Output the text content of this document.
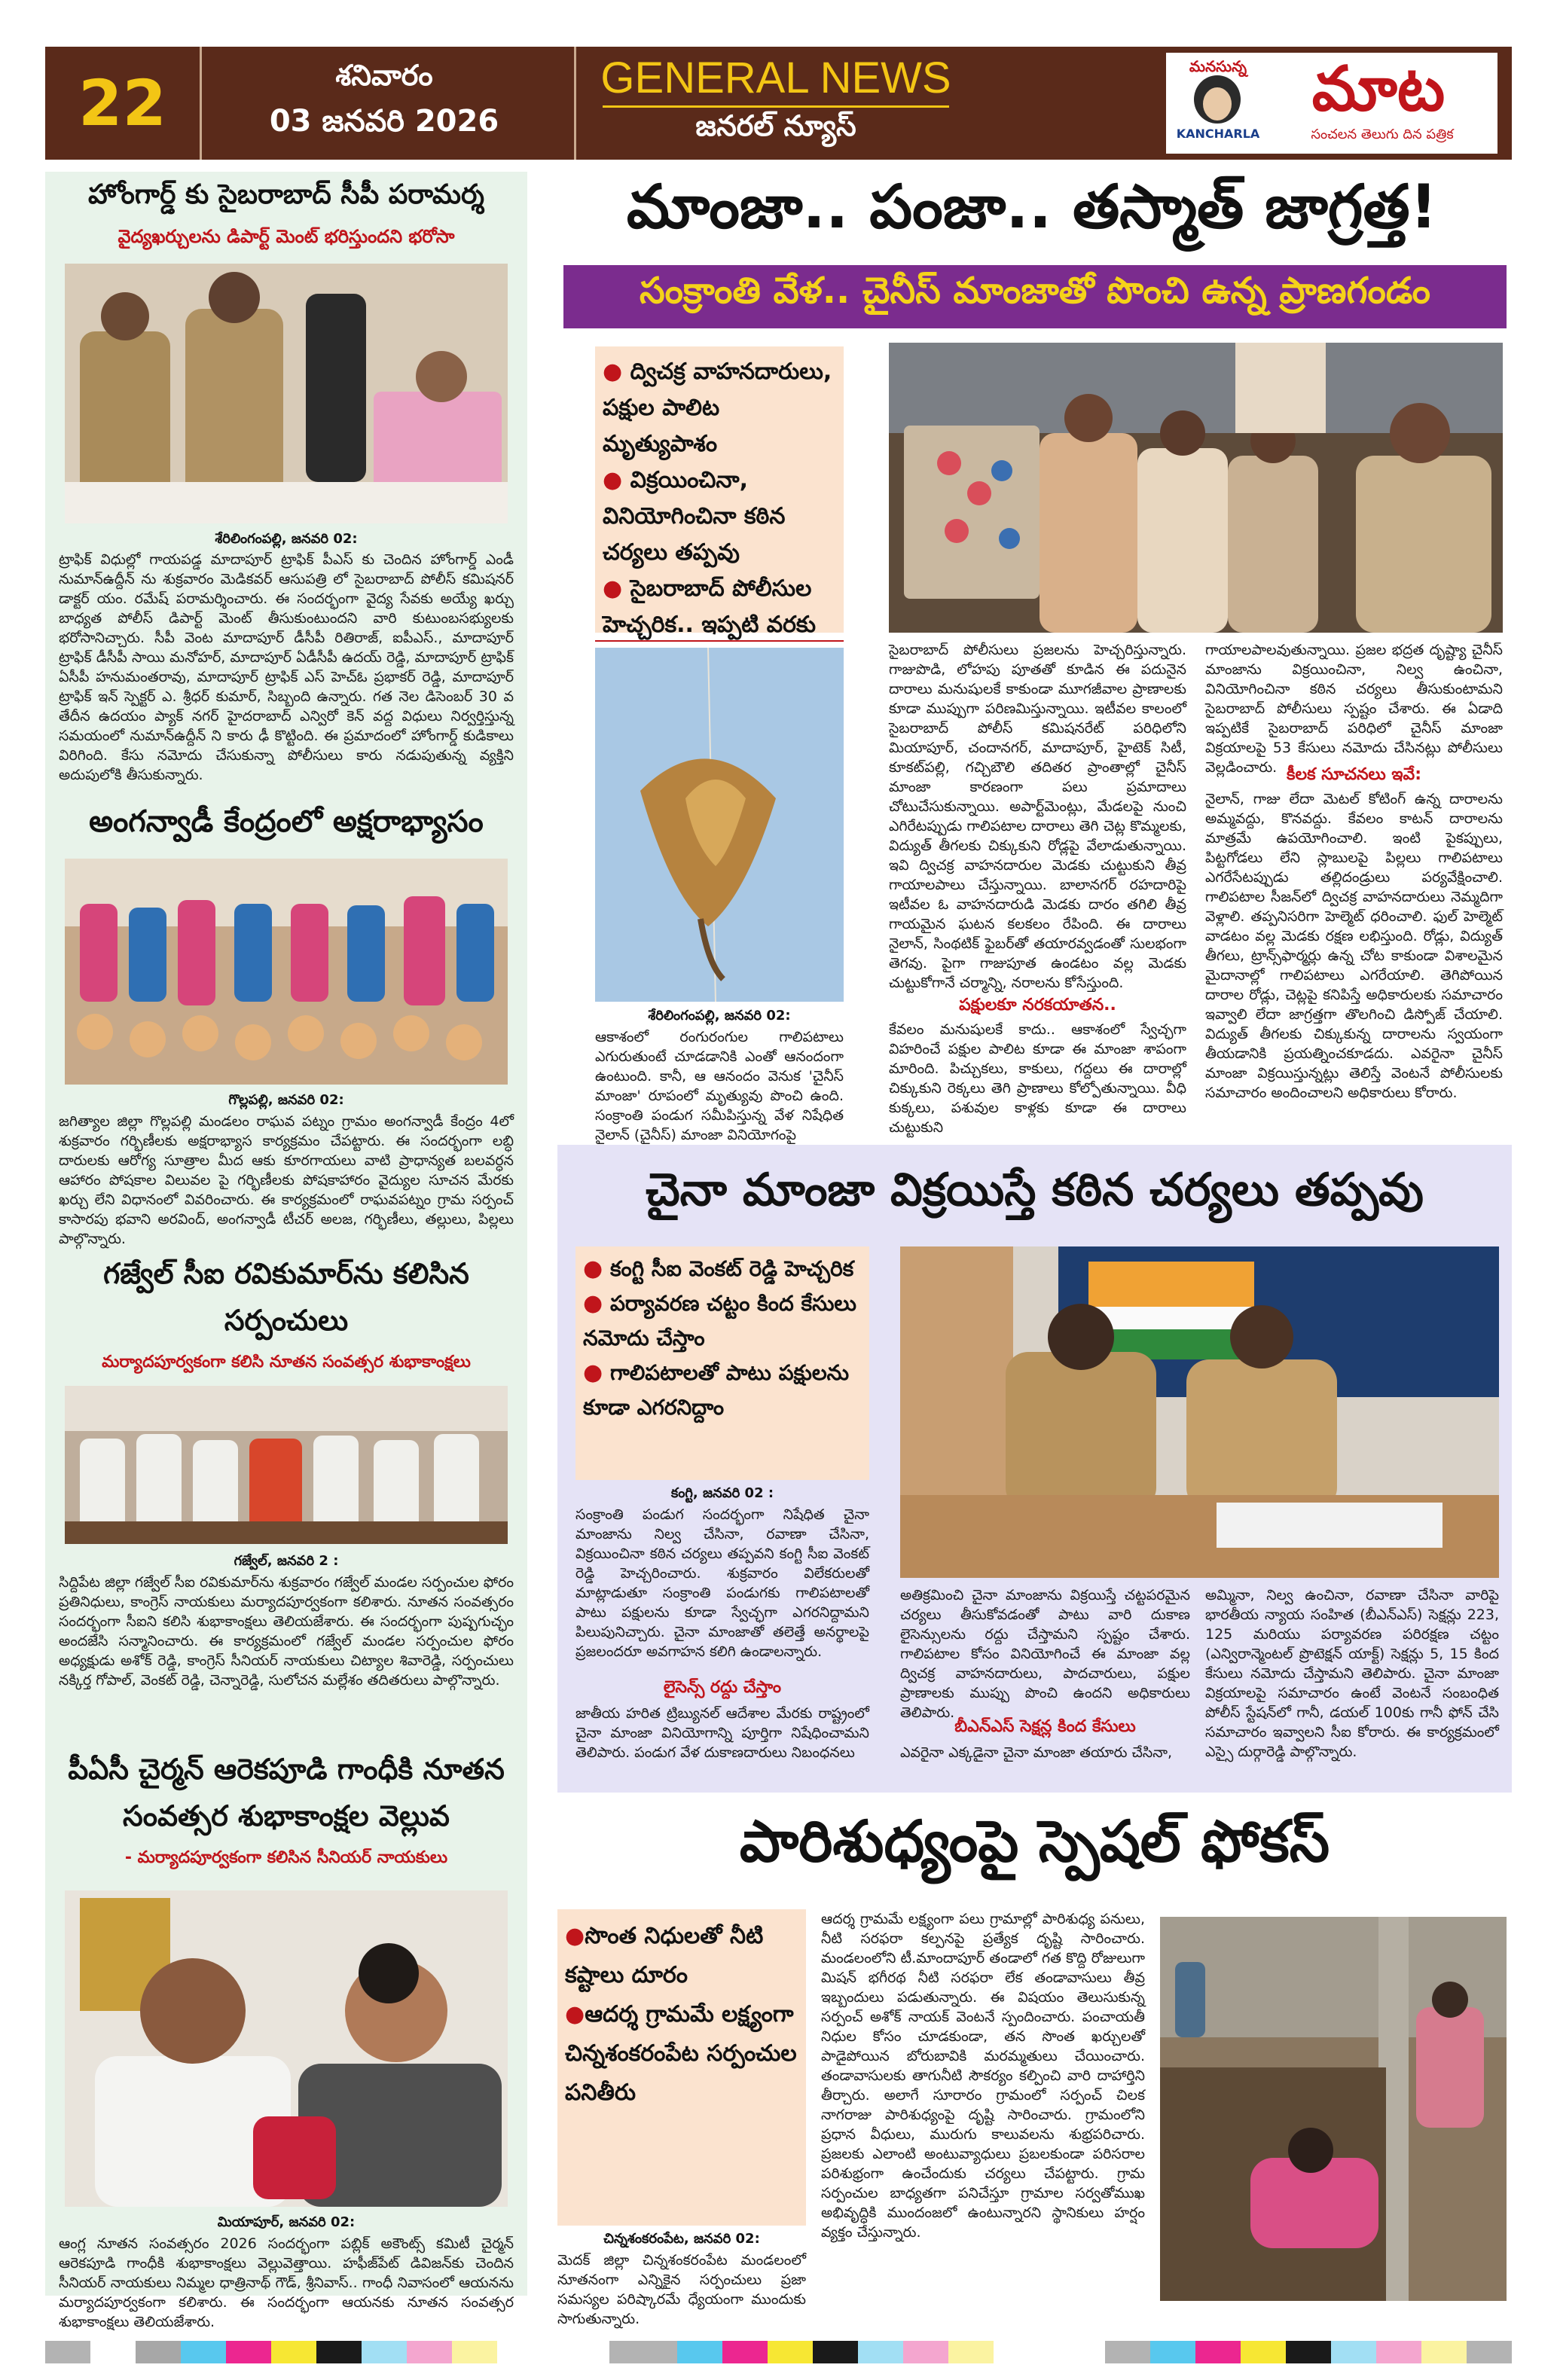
22	శనివారం
03 జనవరి 2026
GENERAL NEWS
జనరల్ న్యూస్
మనసున్న	మాట
KANCHARLA	సంచలన తెలుగు దిన పత్రిక
హోంగార్డ్ కు సైబరాబాద్ సీపీ పరామర్శ
వైద్యఖర్చులను డిపార్ట్ మెంట్ భరిస్తుందని భరోసా
శేరిలింగంపల్లి, జనవరి 02:
ట్రాఫిక్ విధుల్లో గాయపడ్డ మాదాపూర్ ట్రాఫిక్ పీఎస్ కు చెందిన హోంగార్డ్ ఎండీ నుమాన్ఉద్దీన్ ను శుక్రవారం మెడికవర్ ఆసుపత్రి లో సైబరాబాద్ పోలీస్ కమిషనర్ డాక్టర్ యం. రమేష్ పరామర్శించారు. ఈ సందర్భంగా వైద్య సేవకు అయ్యే ఖర్చు బాధ్యత పోలీస్ డిపార్ట్ మెంట్ తీసుకుంటుందని వారి కుటుంబసభ్యులకు భరోసానిచ్చారు. సీపీ వెంట మాదాపూర్ డీసీపీ రితిరాజ్, ఐపీఎస్., మాదాపూర్ ట్రాఫిక్ డీసీపీ సాయి మనోహర్, మాదాపూర్ ఏడీసీపీ ఉదయ్ రెడ్డి, మాదాపూర్ ట్రాఫిక్ ఏసీపీ హనుమంతరావు, మాదాపూర్ ట్రాఫిక్ ఎస్ హెచ్ఓ ప్రభాకర్ రెడ్డి, మాదాపూర్ ట్రాఫిక్ ఇన్ స్పెక్టర్ ఎ. శ్రీధర్ కుమార్, సిబ్బంది ఉన్నారు. గత నెల డిసెంబర్ 30 వ తేదీన ఉదయం ప్యాక్ నగర్ హైదరాబాద్ ఎన్విరో కెన్ వద్ద విధులు నిర్వర్తిస్తున్న సమయంలో నుమాన్ఉద్దీన్ ని కారు ఢీ కొట్టింది. ఈ ప్రమాదంలో హోంగార్డ్ కుడికాలు విరిగింది. కేసు నమోదు చేసుకున్నా పోలీసులు కారు నడుపుతున్న వ్యక్తిని అదుపులోకి తీసుకున్నారు.
అంగన్వాడీ కేంద్రంలో అక్షరాభ్యాసం
గొల్లపల్లి, జనవరి 02:
జగిత్యాల జిల్లా గొల్లపల్లి మండలం రాఘవ పట్నం గ్రామం అంగన్వాడీ కేంద్రం 4లో శుక్రవారం గర్భిణీలకు అక్షరాభ్యాస కార్యక్రమం చేపట్టారు. ఈ సందర్భంగా లబ్ధి దారులకు ఆరోగ్య సూత్రాల మీద ఆకు కూరగాయలు వాటి ప్రాధాన్యత బలవర్ధన ఆహారం పోషకాల విలువల పై గర్భిణీలకు పోషకాహారం వైద్యుల సూచన మేరకు ఖర్చు లేని విధానంలో వివరించారు. ఈ కార్యక్రమంలో రాఘవపట్నం గ్రామ సర్పంచ్ కాసారపు భవాని అరవింద్, అంగన్వాడీ టీచర్ అలజ, గర్భిణీలు, తల్లులు, పిల్లలు పాల్గొన్నారు.
గజ్వేల్ సీఐ రవికుమార్‌ను కలిసిన సర్పంచులు
మర్యాదపూర్వకంగా కలిసి నూతన సంవత్సర శుభాకాంక్షలు
గజ్వేల్, జనవరి 2 :
సిద్దిపేట జిల్లా గజ్వేల్ సీఐ రవికుమార్‌ను శుక్రవారం గజ్వేల్ మండల సర్పంచుల ఫోరం ప్రతినిధులు, కాంగ్రెస్ నాయకులు మర్యాదపూర్వకంగా కలిశారు. నూతన సంవత్సరం సందర్భంగా సీఐని కలిసి శుభాకాంక్షలు తెలియజేశారు. ఈ సందర్భంగా పుష్పగుచ్ఛం అందజేసి సన్మానించారు. ఈ కార్యక్రమంలో గజ్వేల్ మండల సర్పంచుల ఫోరం అధ్యక్షుడు అశోక్ రెడ్డి, కాంగ్రెస్ సీనియర్ నాయకులు చిట్యాల శివారెడ్డి, సర్పంచులు నక్కిర్త గోపాల్, వెంకట్ రెడ్డి, చెన్నారెడ్డి, సులోచన మల్లేశం తదితరులు పాల్గొన్నారు.
పీఏసీ చైర్మన్ ఆరెకపూడి గాంధీకి నూతన సంవత్సర శుభాకాంక్షల వెల్లువ
- మర్యాదపూర్వకంగా కలిసిన సీనియర్ నాయకులు
మియాపూర్, జనవరి 02:
ఆంగ్ల నూతన సంవత్సరం 2026 సందర్భంగా పబ్లిక్ అకౌంట్స్ కమిటీ చైర్మన్ ఆరెకపూడి గాంధీకి శుభాకాంక్షలు వెల్లువెత్తాయి. హఫీజ్‌పేట్ డివిజన్‌కు చెందిన సీనియర్ నాయకులు నిమ్మల ధాత్రినాథ్ గౌడ్, శ్రీనివాస్.. గాంధీ నివాసంలో ఆయనను మర్యాదపూర్వకంగా కలిశారు. ఈ సందర్భంగా ఆయనకు నూతన సంవత్సర శుభాకాంక్షలు తెలియజేశారు.
మాంజా.. పంజా.. తస్మాత్ జాగ్రత్త!
సంక్రాంతి వేళ.. చైనీస్ మాంజాతో పొంచి ఉన్న ప్రాణగండం
● ద్విచక్ర వాహనదారులు, పక్షుల పాలిట మృత్యుపాశం
● విక్రయించినా, వినియోగించినా కఠిన చర్యలు తప్పవు
● సైబరాబాద్ పోలీసుల హెచ్చరిక.. ఇప్పటి వరకు
శేరిలింగంపల్లి, జనవరి 02:
ఆకాశంలో రంగురంగుల గాలిపటాలు ఎగురుతుంటే చూడడానికి ఎంతో ఆనందంగా ఉంటుంది. కానీ, ఆ ఆనందం వెనుక 'చైనీస్ మాంజా' రూపంలో మృత్యువు పొంచి ఉంది. సంక్రాంతి పండుగ సమీపిస్తున్న వేళ నిషేధిత నైలాన్ (చైనీస్) మాంజా వినియోగంపై
సైబరాబాద్ పోలీసులు ప్రజలను హెచ్చరిస్తున్నారు. గాజుపొడి, లోహపు పూతతో కూడిన ఈ పదునైన దారాలు మనుషులకే కాకుండా మూగజీవాల ప్రాణాలకు కూడా ముప్పుగా పరిణమిస్తున్నాయి. ఇటీవల కాలంలో సైబరాబాద్ పోలీస్ కమిషనరేట్ పరిధిలోని మియాపూర్, చందానగర్, మాదాపూర్, హైటెక్ సిటీ, కూకట్‌పల్లి, గచ్చిబౌలి తదితర ప్రాంతాల్లో చైనీస్ మాంజా కారణంగా పలు ప్రమాదాలు చోటుచేసుకున్నాయి. అపార్ట్‌మెంట్లు, మేడలపై నుంచి ఎగిరేటప్పుడు గాలిపటాల దారాలు తెగి చెట్ల కొమ్మలకు, విద్యుత్ తీగలకు చిక్కుకుని రోడ్లపై వేలాడుతున్నాయి. ఇవి ద్విచక్ర వాహనదారుల మెడకు చుట్టుకుని తీవ్ర గాయాలపాలు చేస్తున్నాయి. బాలానగర్ రహదారిపై ఇటీవల ఓ వాహనదారుడి మెడకు దారం తగిలి తీవ్ర గాయమైన ఘటన కలకలం రేపింది. ఈ దారాలు నైలాన్, సింథటిక్ ఫైబర్‌తో తయారవ్వడంతో సులభంగా తెగవు. పైగా గాజుపూత ఉండటం వల్ల మెడకు చుట్టుకోగానే చర్మాన్ని, నరాలను కోసేస్తుంది.
పక్షులకూ నరకయాతన..
కేవలం మనుషులకే కాదు.. ఆకాశంలో స్వేచ్ఛగా విహరించే పక్షుల పాలిట కూడా ఈ మాంజా శాపంగా మారింది. పిచ్చుకలు, కాకులు, గద్దలు ఈ దారాల్లో చిక్కుకుని రెక్కలు తెగి ప్రాణాలు కోల్పోతున్నాయి. వీధి కుక్కలు, పశువుల కాళ్లకు కూడా ఈ దారాలు చుట్టుకుని
గాయాలపాలవుతున్నాయి. ప్రజల భద్రత దృష్ట్యా చైనీస్ మాంజాను విక్రయించినా, నిల్వ ఉంచినా, వినియోగించినా కఠిన చర్యలు తీసుకుంటామని సైబరాబాద్ పోలీసులు స్పష్టం చేశారు. ఈ ఏడాది ఇప్పటికే సైబరాబాద్ పరిధిలో చైనీస్ మాంజా విక్రయాలపై 53 కేసులు నమోదు చేసినట్లు పోలీసులు వెల్లడించారు. కీలక సూచనలు ఇవే:
నైలాన్, గాజు లేదా మెటల్ కోటింగ్ ఉన్న దారాలను అమ్మవద్దు, కొనవద్దు. కేవలం కాటన్ దారాలను మాత్రమే ఉపయోగించాలి. ఇంటి పైకప్పులు, పిట్టగోడలు లేని స్లాబులపై పిల్లలు గాలిపటాలు ఎగరేసేటప్పుడు తల్లిదండ్రులు పర్యవేక్షించాలి. గాలిపటాల సీజన్‌లో ద్విచక్ర వాహనదారులు నెమ్మదిగా వెళ్లాలి. తప్పనిసరిగా హెల్మెట్ ధరించాలి. ఫుల్ హెల్మెట్ వాడటం వల్ల మెడకు రక్షణ లభిస్తుంది. రోడ్లు, విద్యుత్ తీగలు, ట్రాన్స్‌ఫార్మర్లు ఉన్న చోట కాకుండా విశాలమైన మైదానాల్లో గాలిపటాలు ఎగరేయాలి. తెగిపోయిన దారాల రోడ్లు, చెట్లపై కనిపిస్తే అధికారులకు సమాచారం ఇవ్వాలి లేదా జాగ్రత్తగా తొలగించి డిస్పోజ్ చేయాలి. విద్యుత్ తీగలకు చిక్కుకున్న దారాలను స్వయంగా తీయడానికి ప్రయత్నించకూడదు. ఎవరైనా చైనీస్ మాంజా విక్రయిస్తున్నట్లు తెలిస్తే వెంటనే పోలీసులకు సమాచారం అందించాలని అధికారులు కోరారు.
చైనా మాంజా విక్రయిస్తే కఠిన చర్యలు తప్పవు
● కంగ్టి సీఐ వెంకట్ రెడ్డి హెచ్చరిక
● పర్యావరణ చట్టం కింద కేసులు నమోదు చేస్తాం
● గాలిపటాలతో పాటు పక్షులను కూడా ఎగరనిద్దాం
కంగ్టి, జనవరి 02 :
సంక్రాంతి పండుగ సందర్భంగా నిషేధిత చైనా మాంజాను నిల్వ చేసినా, రవాణా చేసినా, విక్రయించినా కఠిన చర్యలు తప్పవని కంగ్టి సీఐ వెంకట్ రెడ్డి హెచ్చరించారు. శుక్రవారం విలేకరులతో మాట్లాడుతూ సంక్రాంతి పండుగకు గాలిపటాలతో పాటు పక్షులను కూడా స్వేచ్ఛగా ఎగరనిద్దామని పిలుపునిచ్చారు. చైనా మాంజాతో తలెత్తే అనర్థాలపై ప్రజలందరూ అవగాహన కలిగి ఉండాలన్నారు.
లైసెన్స్ రద్దు చేస్తాం
జాతీయ హరిత ట్రిబ్యునల్ ఆదేశాల మేరకు రాష్ట్రంలో చైనా మాంజా వినియోగాన్ని పూర్తిగా నిషేధించామని తెలిపారు. పండుగ వేళ దుకాణదారులు నిబంధనలు
అతిక్రమించి చైనా మాంజాను విక్రయిస్తే చట్టపరమైన చర్యలు తీసుకోవడంతో పాటు వారి దుకాణ లైసెన్సులను రద్దు చేస్తామని స్పష్టం చేశారు. గాలిపటాల కోసం వినియోగించే ఈ మాంజా వల్ల ద్విచక్ర వాహనదారులు, పాదచారులు, పక్షుల ప్రాణాలకు ముప్పు పొంచి ఉందని అధికారులు తెలిపారు.
బీఎన్ఎస్ సెక్షన్ల కింద కేసులు
ఎవరైనా ఎక్కడైనా చైనా మాంజా తయారు చేసినా,
అమ్మినా, నిల్వ ఉంచినా, రవాణా చేసినా వారిపై భారతీయ న్యాయ సంహిత (బీఎన్ఎస్) సెక్షన్లు 223, 125 మరియు పర్యావరణ పరిరక్షణ చట్టం (ఎన్విరాన్మెంటల్ ప్రొటెక్షన్ యాక్ట్) సెక్షన్లు 5, 15 కింద కేసులు నమోదు చేస్తామని తెలిపారు. చైనా మాంజా విక్రయాలపై సమాచారం ఉంటే వెంటనే సంబంధిత పోలీస్ స్టేషన్‌లో గానీ, డయల్ 100కు గానీ ఫోన్ చేసి సమాచారం ఇవ్వాలని సీఐ కోరారు. ఈ కార్యక్రమంలో ఎస్సై దుర్గారెడ్డి పాల్గొన్నారు.
పారిశుధ్యంపై స్పెషల్ ఫోకస్
●సొంత నిధులతో నీటి కష్టాలు దూరం
●ఆదర్శ గ్రామమే లక్ష్యంగా చిన్నశంకరంపేట సర్పంచుల పనితీరు
చిన్నశంకరంపేట, జనవరి 02:
మెదక్ జిల్లా చిన్నశంకరంపేట మండలంలో నూతనంగా ఎన్నికైన సర్పంచులు ప్రజా సమస్యల పరిష్కారమే ధ్యేయంగా ముందుకు సాగుతున్నారు.
ఆదర్శ గ్రామమే లక్ష్యంగా పలు గ్రామాల్లో పారిశుధ్య పనులు, నీటి సరఫరా కల్పనపై ప్రత్యేక దృష్టి సారించారు. మండలంలోని టీ.మాందాపూర్ తండాలో గత కొద్ది రోజులుగా మిషన్ భగీరథ నీటి సరఫరా లేక తండావాసులు తీవ్ర ఇబ్బందులు పడుతున్నారు. ఈ విషయం తెలుసుకున్న సర్పంచ్ అశోక్ నాయక్ వెంటనే స్పందించారు. పంచాయతీ నిధుల కోసం చూడకుండా, తన సొంత ఖర్చులతో పాడైపోయిన బోరుబావికి మరమ్మతులు చేయించారు. తండావాసులకు తాగునీటి సౌకర్యం కల్పించి వారి దాహార్తిని తీర్చారు. అలాగే సూరారం గ్రామంలో సర్పంచ్ చిలక నాగరాజు పారిశుధ్యంపై దృష్టి సారించారు. గ్రామంలోని ప్రధాన వీధులు, మురుగు కాలువలను శుభ్రపరిచారు. ప్రజలకు ఎలాంటి అంటువ్యాధులు ప్రబలకుండా పరిసరాల పరిశుభ్రంగా ఉంచేందుకు చర్యలు చేపట్టారు. గ్రామ సర్పంచుల బాధ్యతగా పనిచేస్తూ గ్రామాల సర్వతోముఖ అభివృద్ధికి ముందంజలో ఉంటున్నారని స్థానికులు హర్షం వ్యక్తం చేస్తున్నారు.
